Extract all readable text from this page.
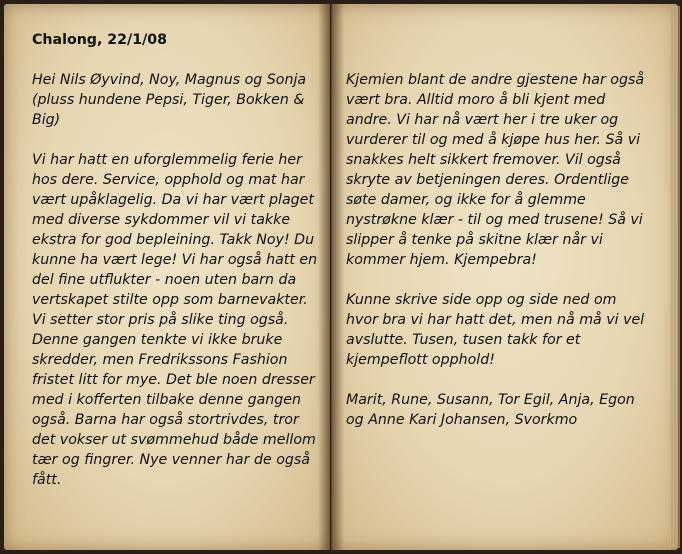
Chalong, 22/1/08

Hei Nils Øyvind, Noy, Magnus og Sonja (pluss hundene Pepsi, Tiger, Bokken & Big)

Vi har hatt en uforglemmelig ferie her hos dere. Service, opphold og mat har vært upåklagelig. Da vi har vært plaget med diverse sykdommer vil vi takke ekstra for god bepleining. Takk Noy! Du kunne ha vært lege! Vi har også hatt en del fine utflukter - noen uten barn da vertskapet stilte opp som barnevakter. Vi setter stor pris på slike ting også. Denne gangen tenkte vi ikke bruke skredder, men Fredrikssons Fashion fristet litt for mye. Det ble noen dresser med i kofferten tilbake denne gangen også. Barna har også stortrivdes, tror det vokser ut svømmehud både mellom tær og fingrer. Nye venner har de også fått.

Kjemien blant de andre gjestene har også vært bra. Alltid moro å bli kjent med andre. Vi har nå vært her i tre uker og vurderer til og med å kjøpe hus her. Så vi snakkes helt sikkert fremover. Vil også skryte av betjeningen deres. Ordentlige søte damer, og ikke for å glemme nystrøkne klær - til og med trusene! Så vi slipper å tenke på skitne klær når vi kommer hjem. Kjempebra!

Kunne skrive side opp og side ned om hvor bra vi har hatt det, men nå må vi vel avslutte. Tusen, tusen takk for et kjempeflott opphold!

Marit, Rune, Susann, Tor Egil, Anja, Egon og Anne Kari Johansen, Svorkmo
